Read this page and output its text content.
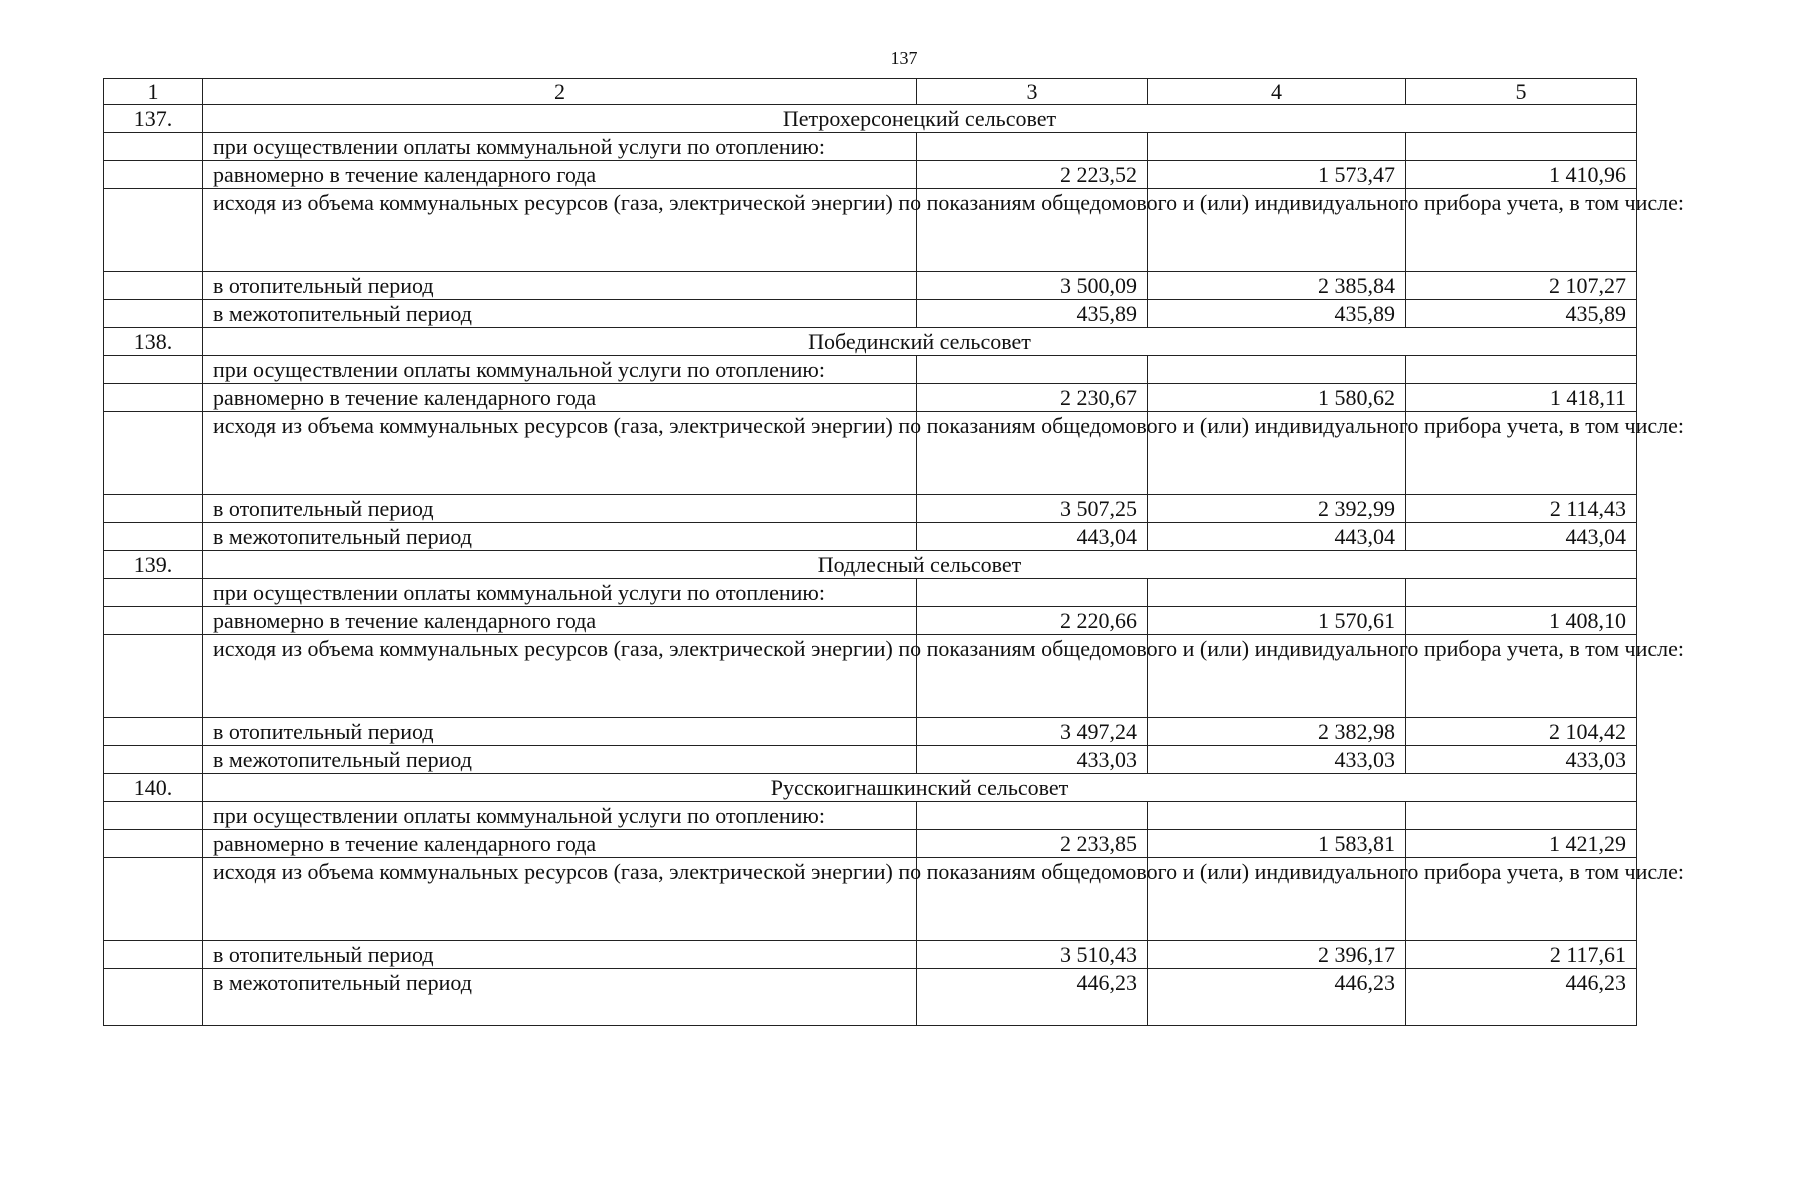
137
1	2	3	4	5
137.	Петрохерсонецкий сельсовет			
	при осуществлении оплаты коммунальной услуги по отоплению:			
	равномерно в течение календарного года	2 223,52	1 573,47	1 410,96
	исходя из объема коммунальных ресурсов (газа, электрической энергии) по показаниям общедомового и (или) индивидуального прибора учета, в том числе:			
	в отопительный период	3 500,09	2 385,84	2 107,27
	в межотопительный период	435,89	435,89	435,89
138.	Побединский сельсовет			
	при осуществлении оплаты коммунальной услуги по отоплению:			
	равномерно в течение календарного года	2 230,67	1 580,62	1 418,11
	исходя из объема коммунальных ресурсов (газа, электрической энергии) по показаниям общедомового и (или) индивидуального прибора учета, в том числе:			
	в отопительный период	3 507,25	2 392,99	2 114,43
	в межотопительный период	443,04	443,04	443,04
139.	Подлесный сельсовет			
	при осуществлении оплаты коммунальной услуги по отоплению:			
	равномерно в течение календарного года	2 220,66	1 570,61	1 408,10
	исходя из объема коммунальных ресурсов (газа, электрической энергии) по показаниям общедомового и (или) индивидуального прибора учета, в том числе:			
	в отопительный период	3 497,24	2 382,98	2 104,42
	в межотопительный период	433,03	433,03	433,03
140.	Русскоигнашкинский сельсовет			
	при осуществлении оплаты коммунальной услуги по отоплению:			
	равномерно в течение календарного года	2 233,85	1 583,81	1 421,29
	исходя из объема коммунальных ресурсов (газа, электрической энергии) по показаниям общедомового и (или) индивидуального прибора учета, в том числе:			
	в отопительный период	3 510,43	2 396,17	2 117,61
	в межотопительный период	446,23	446,23	446,23
